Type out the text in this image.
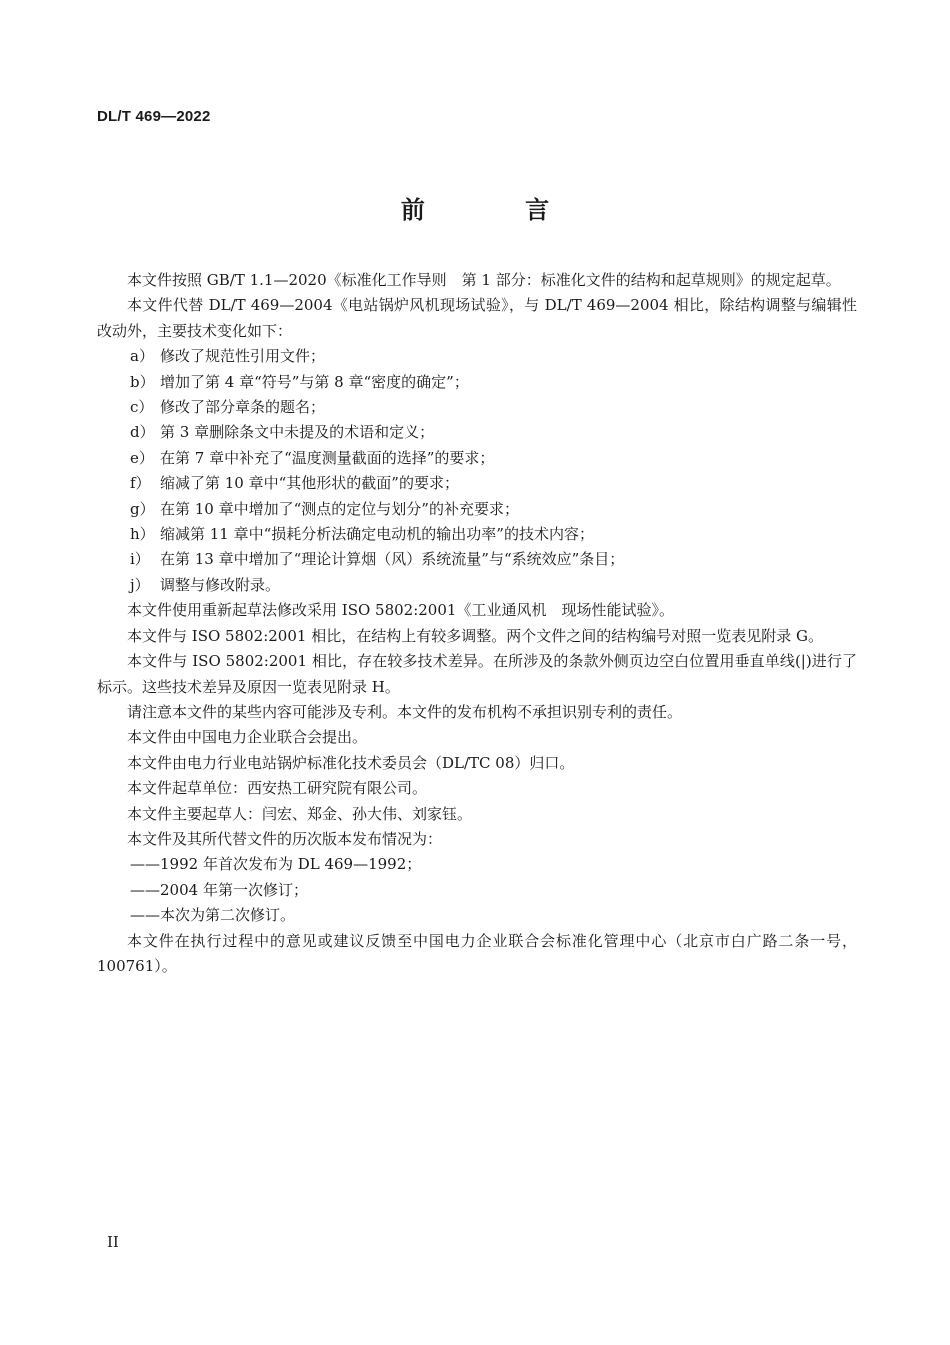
DL/T 469—2022
前 言

本文件按照 GB/T 1.1—2020《标准化工作导则　第 1 部分：标准化文件的结构和起草规则》的规定起草。

本文件代替 DL/T 469—2004《电站锅炉风机现场试验》，与 DL/T 469—2004 相比，除结构调整与编辑性改动外，主要技术变化如下：

a） 修改了规范性引用文件；

b） 增加了第 4 章“符号”与第 8 章“密度的确定”；

c） 修改了部分章条的题名；

d） 第 3 章删除条文中未提及的术语和定义；

e） 在第 7 章中补充了“温度测量截面的选择”的要求；

f） 缩减了第 10 章中“其他形状的截面”的要求；

g） 在第 10 章中增加了“测点的定位与划分”的补充要求；

h） 缩减第 11 章中“损耗分析法确定电动机的输出功率”的技术内容；

i） 在第 13 章中增加了“理论计算烟（风）系统流量”与“系统效应”条目；

j） 调整与修改附录。

本文件使用重新起草法修改采用 ISO 5802:2001《工业通风机　现场性能试验》。

本文件与 ISO 5802:2001 相比，在结构上有较多调整。两个文件之间的结构编号对照一览表见附录 G。

本文件与 ISO 5802:2001 相比，存在较多技术差异。在所涉及的条款外侧页边空白位置用垂直单线(|)进行了标示。这些技术差异及原因一览表见附录 H。

请注意本文件的某些内容可能涉及专利。本文件的发布机构不承担识别专利的责任。

本文件由中国电力企业联合会提出。

本文件由电力行业电站锅炉标准化技术委员会（DL/TC 08）归口。

本文件起草单位：西安热工研究院有限公司。

本文件主要起草人：闫宏、郑金、孙大伟、刘家钰。

本文件及其所代替文件的历次版本发布情况为：

——1992 年首次发布为 DL 469—1992；

——2004 年第一次修订；

——本次为第二次修订。

本文件在执行过程中的意见或建议反馈至中国电力企业联合会标准化管理中心（北京市白广路二条一号，100761）。

II
